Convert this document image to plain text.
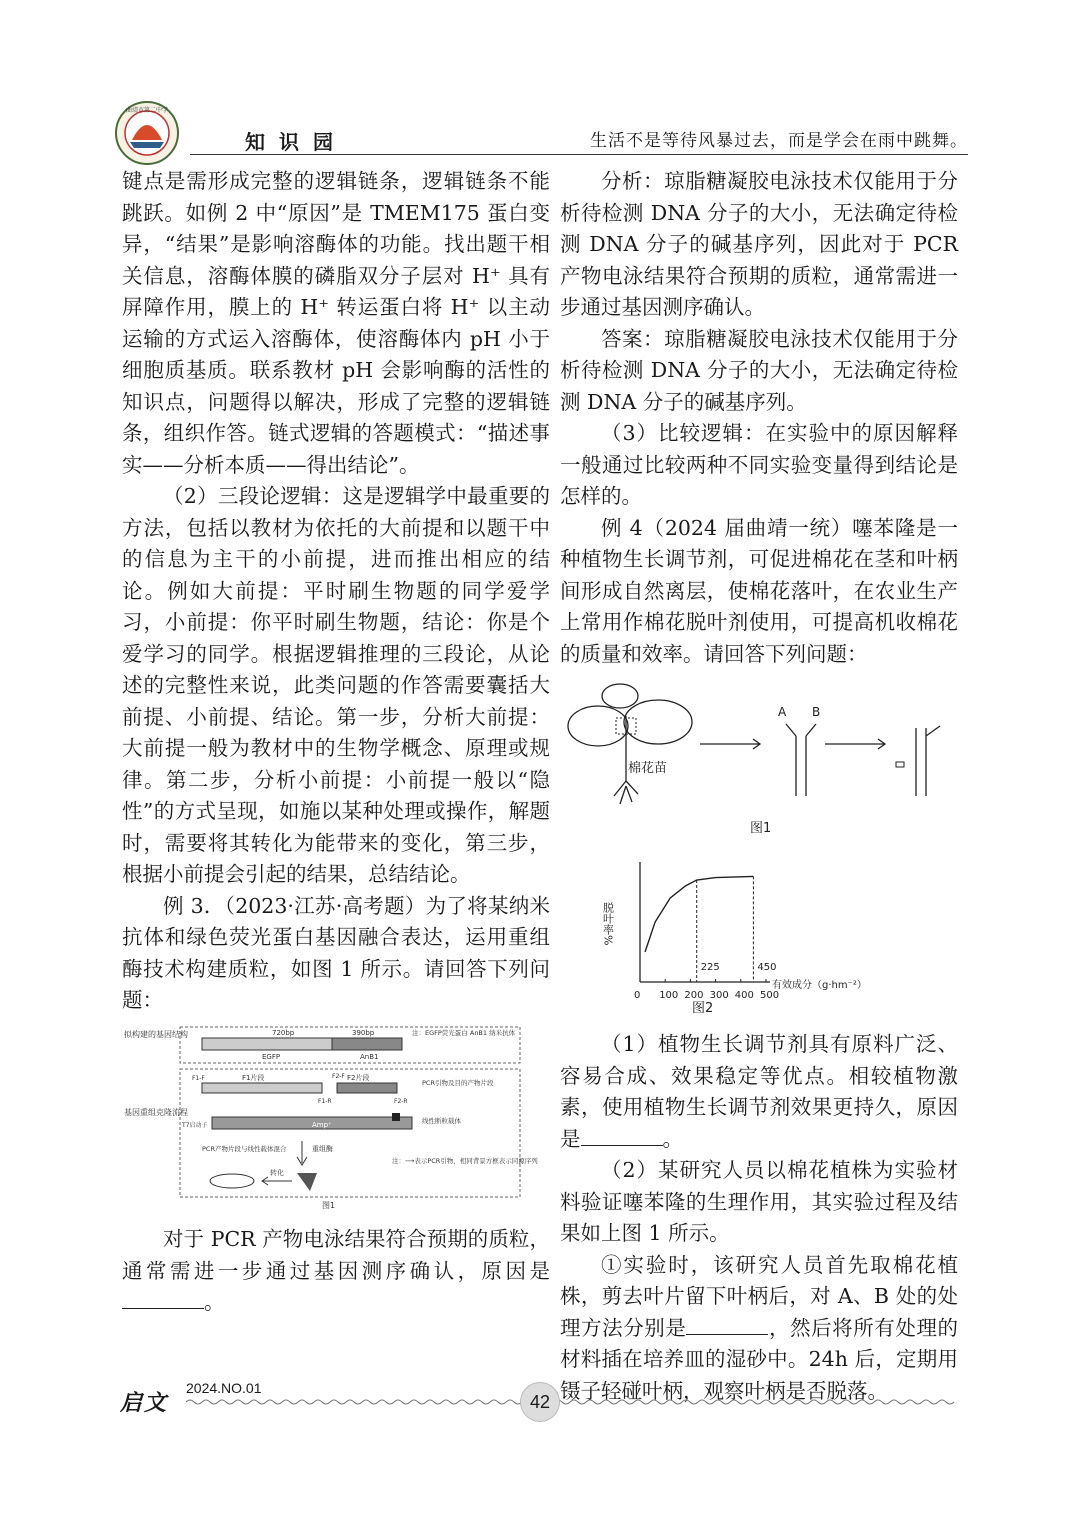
曲靖市第二中学
知识园	生活不是等待风暴过去，而是学会在雨中跳舞。

键点是需形成完整的逻辑链条，逻辑链条不能跳跃。如例 2 中“原因”是 TMEM175 蛋白变异，“结果”是影响溶酶体的功能。找出题干相关信息，溶酶体膜的磷脂双分子层对 H⁺ 具有屏障作用，膜上的 H⁺ 转运蛋白将 H⁺ 以主动运输的方式运入溶酶体，使溶酶体内 pH 小于细胞质基质。联系教材 pH 会影响酶的活性的知识点，问题得以解决，形成了完整的逻辑链条，组织作答。链式逻辑的答题模式：“描述事实——分析本质——得出结论”。

（2）三段论逻辑：这是逻辑学中最重要的方法，包括以教材为依托的大前提和以题干中的信息为主干的小前提，进而推出相应的结论。例如大前提：平时刷生物题的同学爱学习，小前提：你平时刷生物题，结论：你是个爱学习的同学。根据逻辑推理的三段论，从论述的完整性来说，此类问题的作答需要囊括大前提、小前提、结论。第一步，分析大前提：大前提一般为教材中的生物学概念、原理或规律。第二步，分析小前提：小前提一般以“隐性”的方式呈现，如施以某种处理或操作，解题时，需要将其转化为能带来的变化，第三步，根据小前提会引起的结果，总结结论。

例 3．（2023·江苏·高考题）为了将某纳米抗体和绿色荧光蛋白基因融合表达，运用重组酶技术构建质粒，如图 1 所示。请回答下列问题：

拟构建的基因结构	720bp	390bp
EGFP	AnB1
注：EGFP荧光蛋白 AnB1 纳米抗体
基因重组克隆流程
F1片段	F2片段
F1-F
F1-R
F2-F
F2-R
PCR引物及目的产物片段
T7启动子	Amp⁺	线性断粒载体
PCR产物片段与线性载体混合	重组酶
转化
注：⟶表示PCR引物，相同背景方框表示同源序列
图1

对于 PCR 产物电泳结果符合预期的质粒，通常需进一步通过基因测序确认，原因是。

分析：琼脂糖凝胶电泳技术仅能用于分析待检测 DNA 分子的大小，无法确定待检测 DNA 分子的碱基序列，因此对于 PCR 产物电泳结果符合预期的质粒，通常需进一步通过基因测序确认。

答案：琼脂糖凝胶电泳技术仅能用于分析待检测 DNA 分子的大小，无法确定待检测 DNA 分子的碱基序列。

（3）比较逻辑：在实验中的原因解释一般通过比较两种不同实验变量得到结论是怎样的。

例 4（2024 届曲靖一统）噻苯隆是一种植物生长调节剂，可促进棉花在茎和叶柄间形成自然离层，使棉花落叶，在农业生产上常用作棉花脱叶剂使用，可提高机收棉花的质量和效率。请回答下列问题：

棉花苗
A B
图1
脱叶率%
有效成分（g·hm⁻²）
图2
0 100 200 300 400 500
225	450

（1）植物生长调节剂具有原料广泛、容易合成、效果稳定等优点。相较植物激素，使用植物生长调节剂效果更持久，原因是	。

（2）某研究人员以棉花植株为实验材料验证噻苯隆的生理作用，其实验过程及结果如上图 1 所示。

①实验时，该研究人员首先取棉花植株，剪去叶片留下叶柄后，对 A、B 处的处理方法分别是	，然后将所有处理的材料插在培养皿的湿砂中。24h 后，定期用镊子轻碰叶柄，观察叶柄是否脱落。

启文
2024.NO.01
42
